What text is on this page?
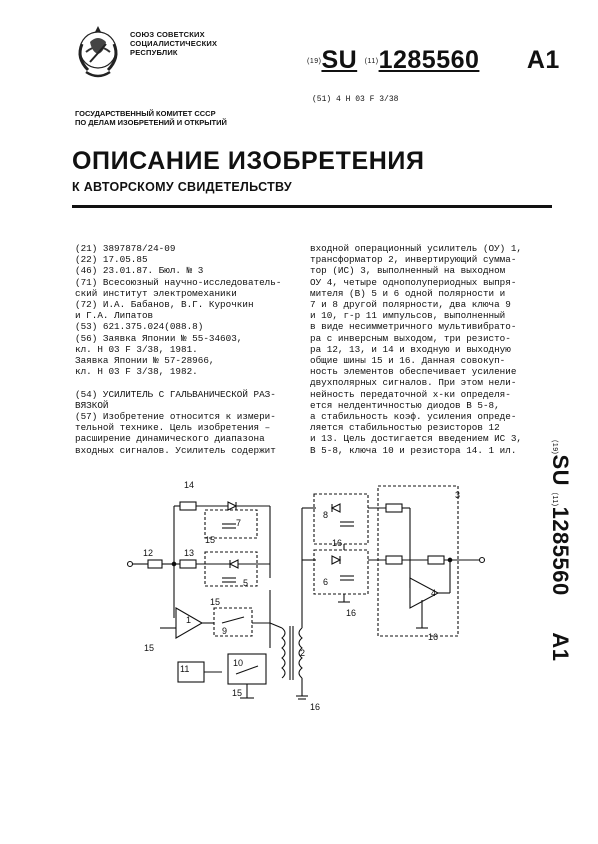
СОЮЗ СОВЕТСКИХ
СОЦИАЛИСТИЧЕСКИХ
РЕСПУБЛИК
(19)SU (11)1285560 A1
(51) 4 H 03 F 3/38
ГОСУДАРСТВЕННЫЙ КОМИТЕТ СССР
ПО ДЕЛАМ ИЗОБРЕТЕНИЙ И ОТКРЫТИЙ
ОПИСАНИЕ ИЗОБРЕТЕНИЯ
К АВТОРСКОМУ СВИДЕТЕЛЬСТВУ
(21) 3897878/24-09
(22) 17.05.85
(46) 23.01.87. Бюл. № 3
(71) Всесоюзный научно-исследователь-
ский институт электромеханики
(72) И.А. Бабанов, В.Г. Курочкин
и Г.А. Липатов
(53) 621.375.024(088.8)
(56) Заявка Японии № 55-34603,
кл. Н 03 F 3/38, 1981.
Заявка Японии № 57-28966,
кл. Н 03 F 3/38, 1982.

(54) УСИЛИТЕЛЬ С ГАЛЬВАНИЧЕСКОЙ РАЗ-
ВЯЗКОЙ
(57) Изобретение относится к измери-
тельной технике. Цель изобретения –
расширение динамического диапазона
входных сигналов. Усилитель содержит
входной операционный усилитель (ОУ) 1,
трансформатор 2, инвертирующий сумма-
тор (ИС) 3, выполненный на выходном
ОУ 4, четыре однополупериодных выпря-
мителя (В) 5 и 6 одной полярности и
7 и 8 другой полярности, два ключа 9
и 10, г-р 11 импульсов, выполненный
в виде несимметричного мультивибрато-
ра с инверсным выходом, три резисто-
ра 12, 13, и 14 и входную и выходную
общие шины 15 и 16. Данная совокуп-
ность элементов обеспечивает усиление
двухполярных сигналов. При этом нели-
нейность передаточной х-ки определя-
ется нелдентичностью диодов В 5-8,
а стабильность коэф. усиления опреде-
ляется стабильностью резисторов 12
и 13. Цель достигается введением ИС 3,
В 5-8, ключа 10 и резистора 14. 1 ил.	(19)SU (11)1285560 A1
14
7
15
12	13
5
15
1
9
15	2
11
10
15
16
8
16
6
16
3
4
16
